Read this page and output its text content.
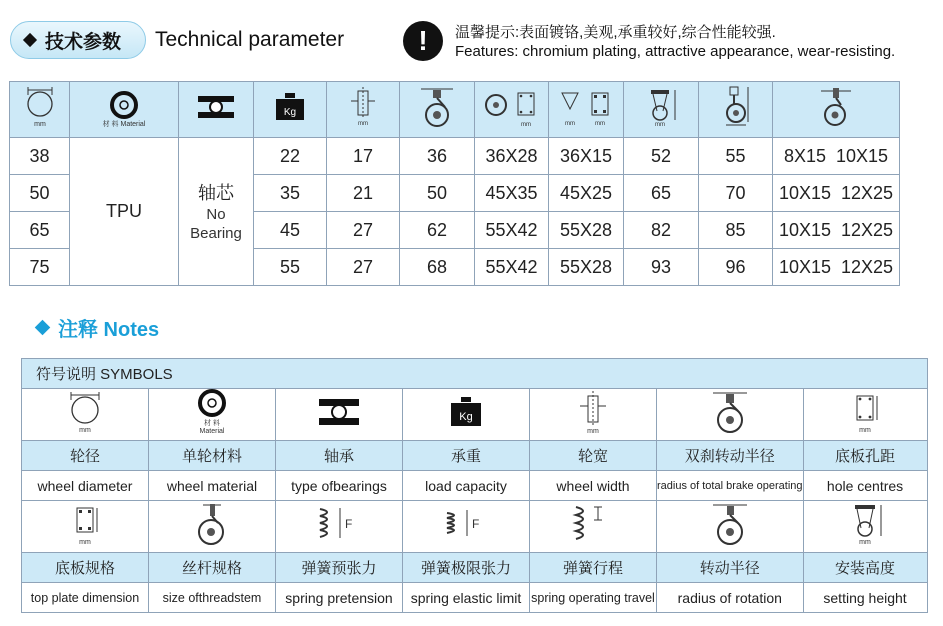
技术参数 Technical parameter	! 温馨提示:表面镀铬,美观,承重较好,综合性能较强.
Features: chromium plating, attractive appearance, wear-resisting.
mm	材 料 Material		Kg	mm		mm	mm mm	mm

38	TPU	轴芯
No
Bearing	22	17	36	36X28	36X15	52	55	8X15  10X15
50			35	21	50	45X35	45X25	65	70	10X15  12X25
65			45	27	62	55X42	55X28	82	85	10X15  12X25
75			55	27	68	55X42	55X28	93	96	10X15  12X25
注释 Notes
符号说明 SYMBOLS						

mm	材 料
Material		Kg	mm		mm

轮径	单轮材料	轴承	承重	轮宽	双刹转动半径	底板孔距
wheel diameter	wheel material	type ofbearings	load capacity	wheel width	radius of total brake operating	hole centres

mm		F	F			mm

底板规格	丝杆规格	弹簧预张力	弹簧极限张力	弹簧行程	转动半径	安装高度
top plate dimension	size ofthreadstem	spring pretension	spring elastic limit	spring operating travel	radius of rotation	setting height
